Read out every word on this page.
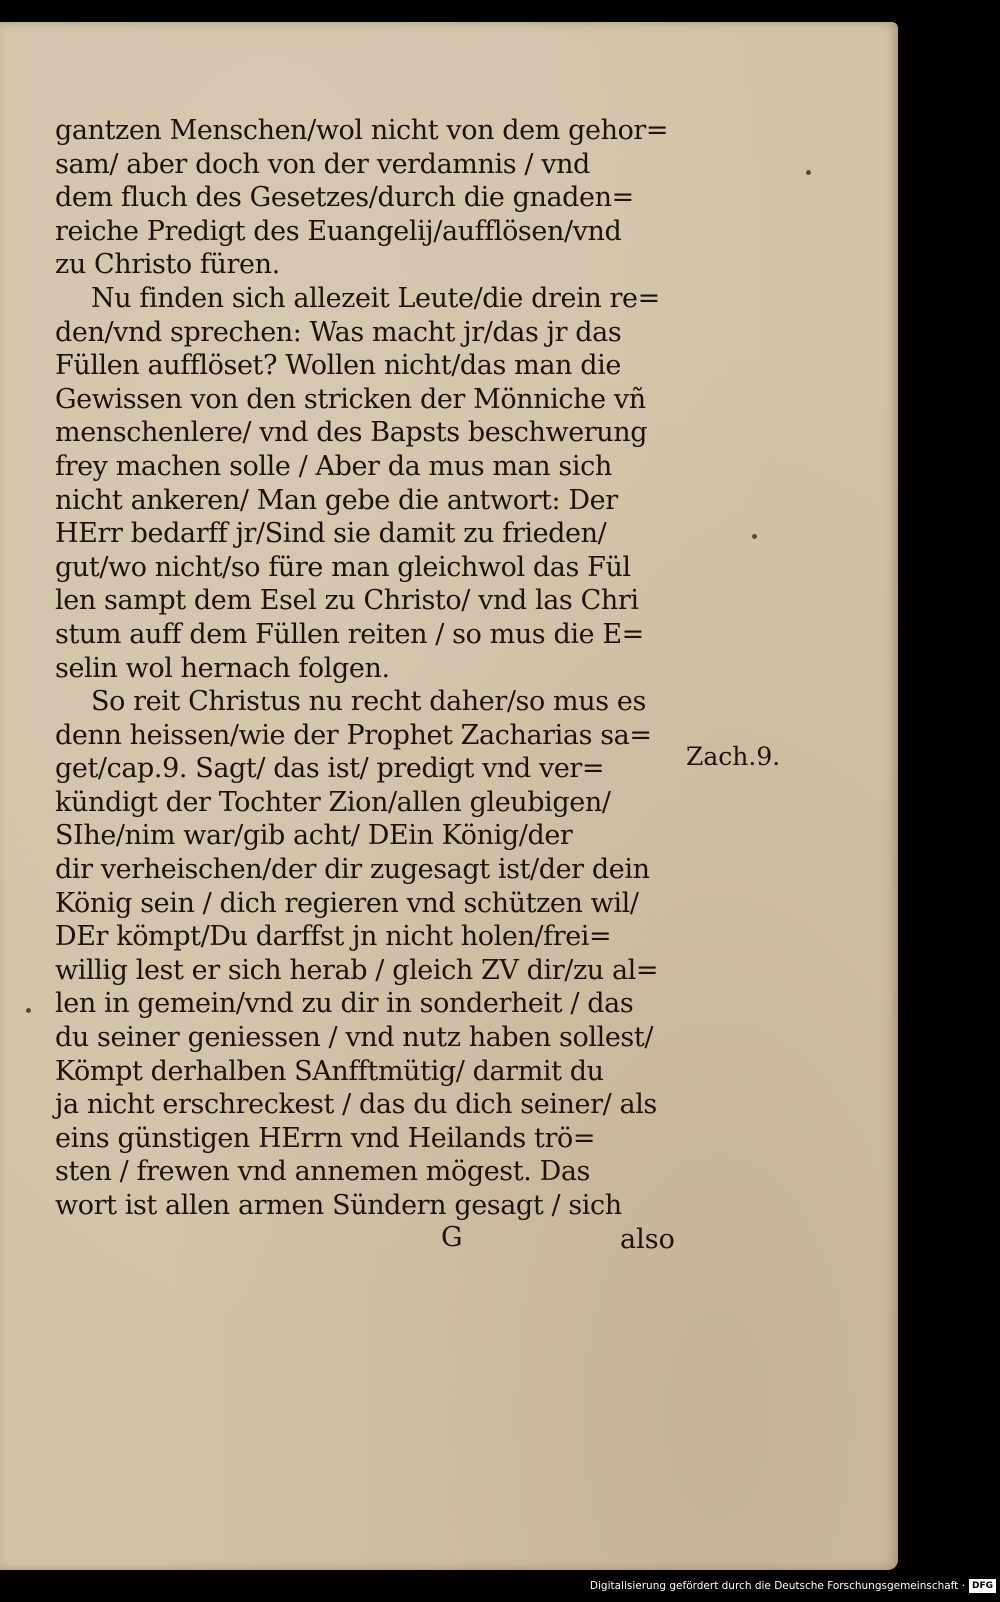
gantzen Menschen/wol nicht von dem gehor=
sam/ aber doch von der verdamnis / vnd
dem fluch des Gesetzes/durch die gnaden=
reiche Predigt des Euangelij/aufflösen/vnd
zu Christo füren.
Nu finden sich allezeit Leute/die drein re=
den/vnd sprechen: Was macht jr/das jr das
Füllen aufflöset? Wollen nicht/das man die
Gewissen von den stricken der Mönniche vñ
menschenlere/ vnd des Bapsts beschwerung
frey machen solle / Aber da mus man sich
nicht ankeren/ Man gebe die antwort: Der
HErr bedarff jr/Sind sie damit zu frieden/
gut/wo nicht/so füre man gleichwol das Fül
len sampt dem Esel zu Christo/ vnd las Chri
stum auff dem Füllen reiten / so mus die E=
selin wol hernach folgen.
So reit Christus nu recht daher/so mus es
denn heissen/wie der Prophet Zacharias sa=
get/cap.9. Sagt/ das ist/ predigt vnd ver=
kündigt der Tochter Zion/allen gleubigen/
SIhe/nim war/gib acht/ DEin König/der
dir verheischen/der dir zugesagt ist/der dein
König sein / dich regieren vnd schützen wil/
DEr kömpt/Du darffst jn nicht holen/frei=
willig lest er sich herab / gleich ZV dir/zu al=
len in gemein/vnd zu dir in sonderheit / das
du seiner geniessen / vnd nutz haben sollest/
Kömpt derhalben SAnfftmütig/ darmit du
ja nicht erschreckest / das du dich seiner/ als
eins günstigen HErrn vnd Heilands trö=
sten / frewen vnd annemen mögest. Das
wort ist allen armen Sündern gesagt / sich
Zach.9.
G	also
Digitalisierung gefördert durch die Deutsche Forschungsgemeinschaft · DFG
